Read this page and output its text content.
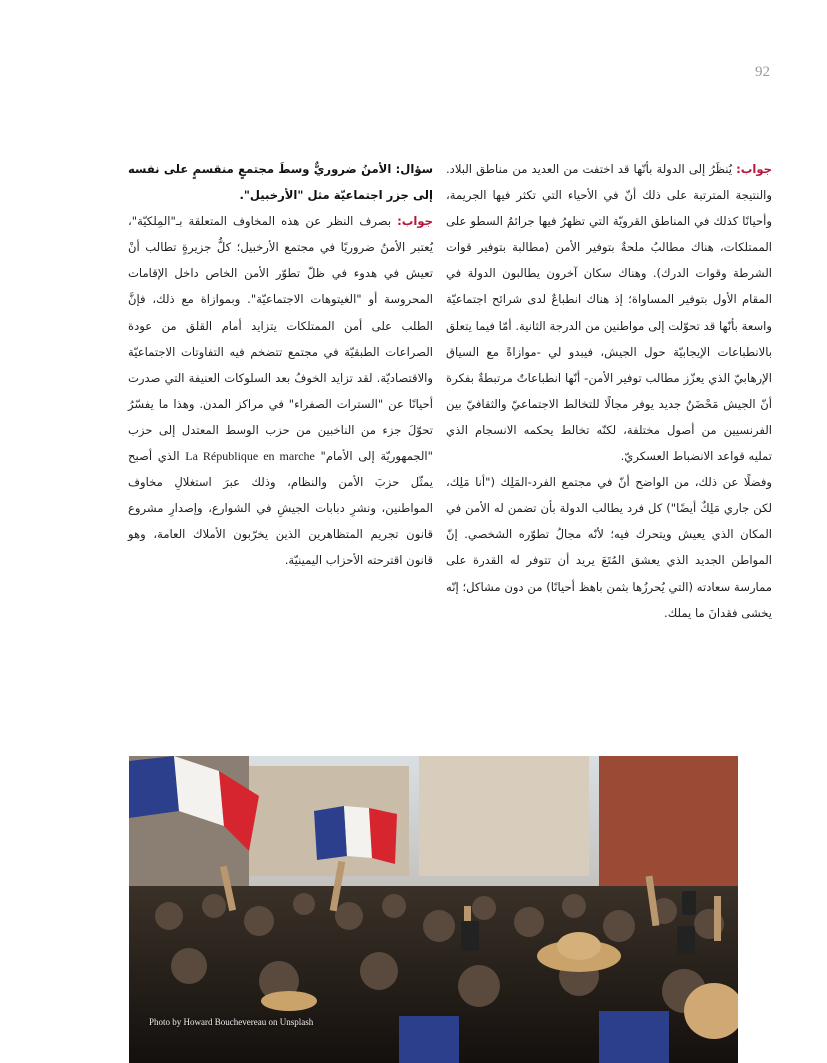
92

جواب: يُنظَرُ إلى الدولة بأنّها قد اختفت من العديد من مناطق البلاد. والنتيجة المترتبة على ذلك أنّ في الأحياء التي تكثر فيها الجريمة، وأحيانًا كذلك في المناطق القرويّة التي تظهرُ فيها جرائمُ السطو على الممتلكات، هناك مطالبُ ملحةٌ بتوفير الأمن (مطالبة بتوفير قوات الشرطة وقوات الدرك). وهناك سكان آخرون يطالبون الدولة في المقام الأول بتوفير المساواة؛ إذ هناك انطباعٌ لدى شرائح اجتماعيّة واسعة بأنّها قد تحوّلت إلى مواطنين من الدرجة الثانية. أمّا فيما يتعلق بالانطباعات الإيجابيّة حول الجيش، فيبدو لي -موازاةً مع السياق الإرهابيّ الذي يعزّز مطالب توفير الأمن- أنّها انطباعاتٌ مرتبطةٌ بفكرة أنّ الجيش مَحْضَنٌ جديد يوفر مجالًا للتخالط الاجتماعيّ والثقافيّ بين الفرنسيين من أصول مختلفة، لكنّه تخالط يحكمه الانسجام الذي تمليه قواعد الانضباط العسكريّ.

وفضلًا عن ذلك، من الواضح أنّ في مجتمع الفرد-المَلِك ("أنا مَلِك، لكن جاري مَلِكٌ أيضًا") كل فرد يطالب الدولة بأن تضمن له الأمن في المكان الذي يعيش ويتحرك فيه؛ لأنّه مجالُ تطوّره الشخصي. إنّ المواطن الجديد الذي يعشق المُتَعَ يريد أن تتوفر له القدرة على ممارسة سعادته (التي يُحرزُها بثمن باهظ أحيانًا) من دون مشاكل؛ إنّه يخشى فقدانَ ما يملك.

سؤال: الأمنُ ضروريٌّ وسطَ مجتمعٍ منقسمٍ على نفسه إلى جزر اجتماعيّة مثل "الأرخبيل".

جواب: بصرف النظر عن هذه المخاوف المتعلقة بـ"المِلكيّة"، يُعتبر الأمنُ ضروريًا في مجتمع الأرخبيل؛ كلُّ جزيرةٍ تطالب أنْ تعيش في هدوء في ظلّ تطوّر الأمن الخاص داخل الإقامات المحروسة أو "الغيتوهات الاجتماعيّة". وبموازاة مع ذلك، فإنَّ الطلب على أمن الممتلكات يتزايد أمام القلق من عودة الصراعات الطبقيّة في مجتمع تتضخم فيه التفاوتات الاجتماعيّة والاقتصاديّة. لقد تزايد الخوفُ بعد السلوكات العنيفة التي صدرت أحيانًا عن "السترات الصفراء" في مراكز المدن. وهذا ما يفسّرُ تحوّلَ جزء من الناخبين من حزب الوسط المعتدل إلى حزب "الجمهوريّة إلى الأمام" La République en marche الذي أصبح يمثّل حزبَ الأمن والنظام، وذلك عبرَ استغلالِ مخاوف المواطنين، ونشرِ دبابات الجيشِ في الشوارع، وإصدارِ مشروع قانون تجريم المتظاهرين الذين يخرّبون الأملاك العامة، وهو قانون اقترحته الأحزاب اليمينيّة.

Photo by Howard Bouchevereau on Unsplash
